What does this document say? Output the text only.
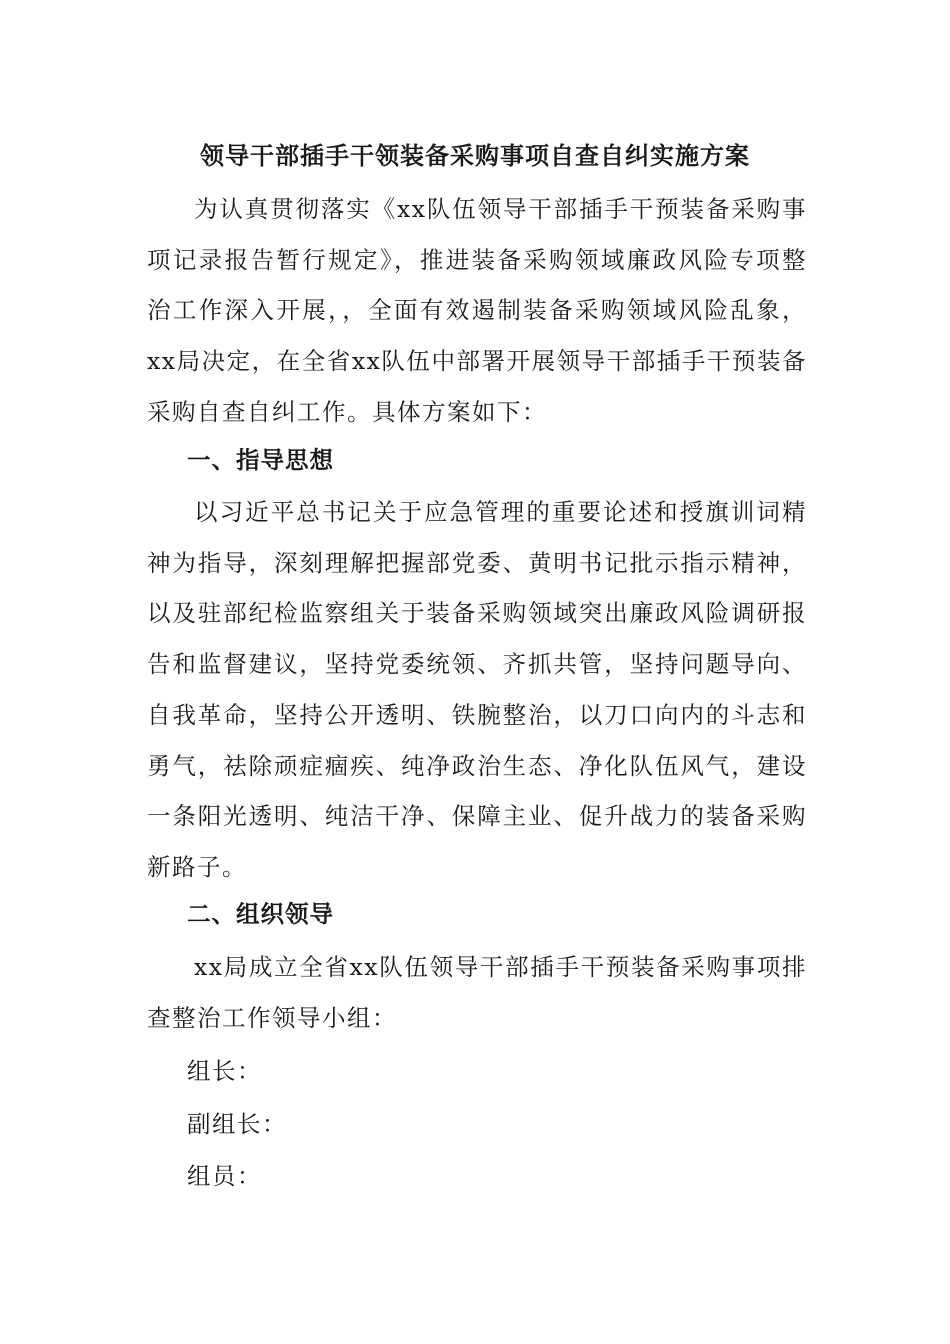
领导干部插手干领装备采购事项自查自纠实施方案

为认真贯彻落实《xx队伍领导干部插手干预装备采购事项记录报告暂行规定》，推进装备采购领域廉政风险专项整治工作深入开展，，全面有效遏制装备采购领域风险乱象，xx局决定，在全省xx队伍中部署开展领导干部插手干预装备采购自查自纠工作。具体方案如下：

一、指导思想

以习近平总书记关于应急管理的重要论述和授旗训词精神为指导，深刻理解把握部党委、黄明书记批示指示精神，以及驻部纪检监察组关于装备采购领域突出廉政风险调研报告和监督建议，坚持党委统领、齐抓共管，坚持问题导向、自我革命，坚持公开透明、铁腕整治，以刀口向内的斗志和勇气，祛除顽症痼疾、纯净政治生态、净化队伍风气，建设一条阳光透明、纯洁干净、保障主业、促升战力的装备采购新路子。

二、组织领导

xx局成立全省xx队伍领导干部插手干预装备采购事项排查整治工作领导小组：

组长：

副组长：

组员：
